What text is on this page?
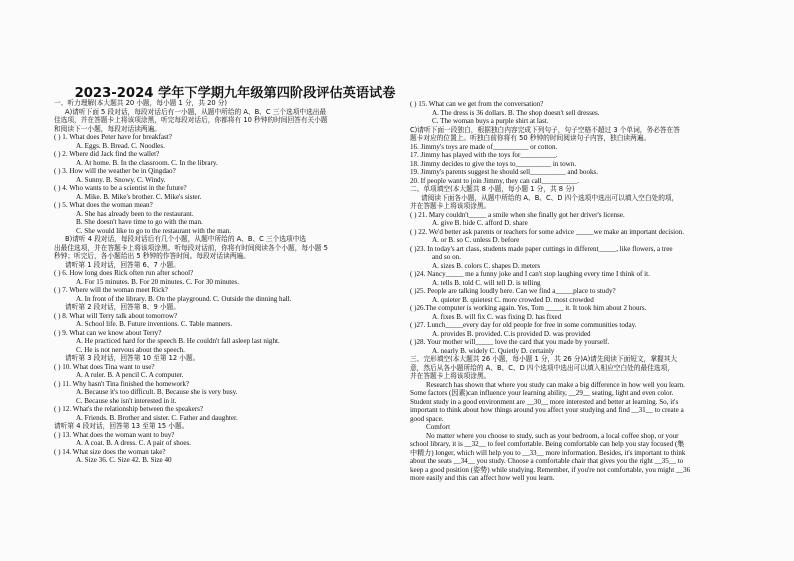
2023-2024 学年下学期九年级第四阶段评估英语试卷
一、听力理解(本大题共 20 小题，每小题 1 分，共 20 分)
A)请听下面 5 段对话，每段对话后有一小题，从题中所给的 A、B、C 三个选项中选出最
佳选项，并在答题卡上将该项涂黑，听完每段对话后，你都将有 10 秒钟的时间回答有关小题
和阅读下一小题，每段对话读两遍。
( ) 1. What does Peter have for breakfast?
A. Eggs. B. Bread. C. Noodles.
( ) 2. Where did Jack find the wallet?
A. At home. B. In the classroom. C. In the library.
( ) 3. How will the weather be in Qingdao?
A. Sunny. B. Snowy. C. Windy.
( ) 4. Who wants to be a scientist in the future?
A. Mike. B. Mike's brother. C. Mike's sister.
( ) 5. What does the woman mean?
A. She has already been to the restaurant.
B. She doesn't have time to go with the man.
C. She would like to go to the restaurant with the man.
B)请听 4 段对话，每段对话后有几个小题，从题中所给的 A、B、C 三个选项中选
出最佳选项，并在答题卡上将该项涂黑。听每段对话前，你将有时间阅读各个小题，每小题 5
秒钟；听完后，各小题给出 5 秒钟的作答时间。每段对话读两遍。
请听第 1 段对话，回答第 6、7 小题。
( ) 6. How long does Rick often run after school?
A. For 15 minutes. B. For 20 minutes. C. For 30 minutes.
( ) 7. Where will the woman meet Rick?
A. In front of the library. B. On the playground. C. Outside the dinning hall.
请听第 2 段对话，回答第 8、9 小题。
( ) 8. What will Terry talk about tomorrow?
A. School life. B. Future inventions. C. Table manners.
( ) 9. What can we know about Terry?
A. He practiced hard for the speech B. He couldn't fall asleep last night.
C. He is not nervous about the speech.
请听第 3 段对话，回答第 10 至第 12 小题。
( ) 10. What does Tina want to use?
A. A ruler. B. A pencil C. A computer.
( ) 11. Why hasn't Tina finished the homework?
A. Because it's too difficult. B. Because she is very busy.
C. Because she isn't interested in it.
( ) 12. What's the relationship between the speakers?
A. Friends. B. Brother and sister. C. Father and daughter.
请听第 4 段对话，回答第 13 至第 15 小题。
( ) 13. What does the woman want to buy?
A. A coat. B. A dress. C. A pair of shoes.
( ) 14. What size does the woman take?
A. Size 36. C. Size 42. B. Size 40
( ) 15. What can we get from the conversation?
A. The dress is 36 dollars. B. The shop doesn't sell dresses.
C. The woman buys a purple shirt at last.
C)请听下面一段独白，根据独白内容完成下列句子，句子空格不超过 3 个单词，务必答在答
题卡对应的位置上。听独白前你将有 50 秒钟的时间阅读句子内容，独白读两遍。
16. Jimmy's toys are made of__________ or cotton.
17. Jimmy has played with the toys for__________.
18. Jimmy decides to give the toys to__________ in town.
19. Jimmy's parents suggest he should sell__________ and books.
20. If people want to join Jimmy, they can call__________.
二、单项填空(本大题共 8 小题，每小题 1 分，共 8 分)
请阅读下面各小题，从题中所给的 A、B、C、D 四个选项中选出可以填入空白处的项，
并在答题卡上将该项涂黑。
( ) 21. Mary couldn't_____ a smile when she finally got her driver's license.
A. give B. hide C. afford D. share
( ) 22. We'd better ask parents or teachers for some advice _____we make an important decision.
A. or B. so C. unless D. before
( )23. In today's art class, students made paper cuttings in different_____, like flowers, a tree
and so on.
A. sizes B. colors C. shapes D. meters
( )24. Nancy_____ me a funny joke and I can't stop laughing every time I think of it.
A. tells B. told C. will tell D. is telling
( )25. People are talking loudly here. Can we find a_____place to study?
A. quieter B. quietest C. more crowded D. most crowded
( )26.The computer is working again. Yes, Tom _____ it. It took him about 2 hours.
A. fixes B. will fix C. was fixing D. has fixed
( )27. Lunch_____every day for old people for free in some communities today.
A. provides B. provided. C.is provided D. was provided
( )28. Your mother will_____ love the card that you made by yourself.
A. nearly B. widely C. Quietly D. certainly
三、完形填空(本大题共 26 小题，每小题 1 分，共 26 分)A)请先阅读下面短文，掌握其大
意，然后从各小题所给的 A、B、C、D 四个选项中选出可以填入相应空白处的最佳选项，
并在答题卡上将该项涂黑。
Research has shown that where you study can make a big difference in how well you learn.
Some factors (因素)can influence your learning ability, __29__ seating, light and even color.
Student study in a good environment are __30__ more interested and better at learning. So, it's
important to think about how things around you affect your studying and find __31__ to create a
good space.
Comfort
No matter where you choose to study, such as your bedroom, a local coffee shop, or your
school library, it is __32__ to feel comfortable. Being comfortable can help you stay focused (集
中精力) longer, which will help you to __33__ more information. Besides, it's important to think
about the seats __34__ you study. Choose a comfortable chair that gives you the right __35__ to
keep a good position (姿势) while studying. Remember, if you're not comfortable, you might __36
more easily and this can affect how well you learn.
